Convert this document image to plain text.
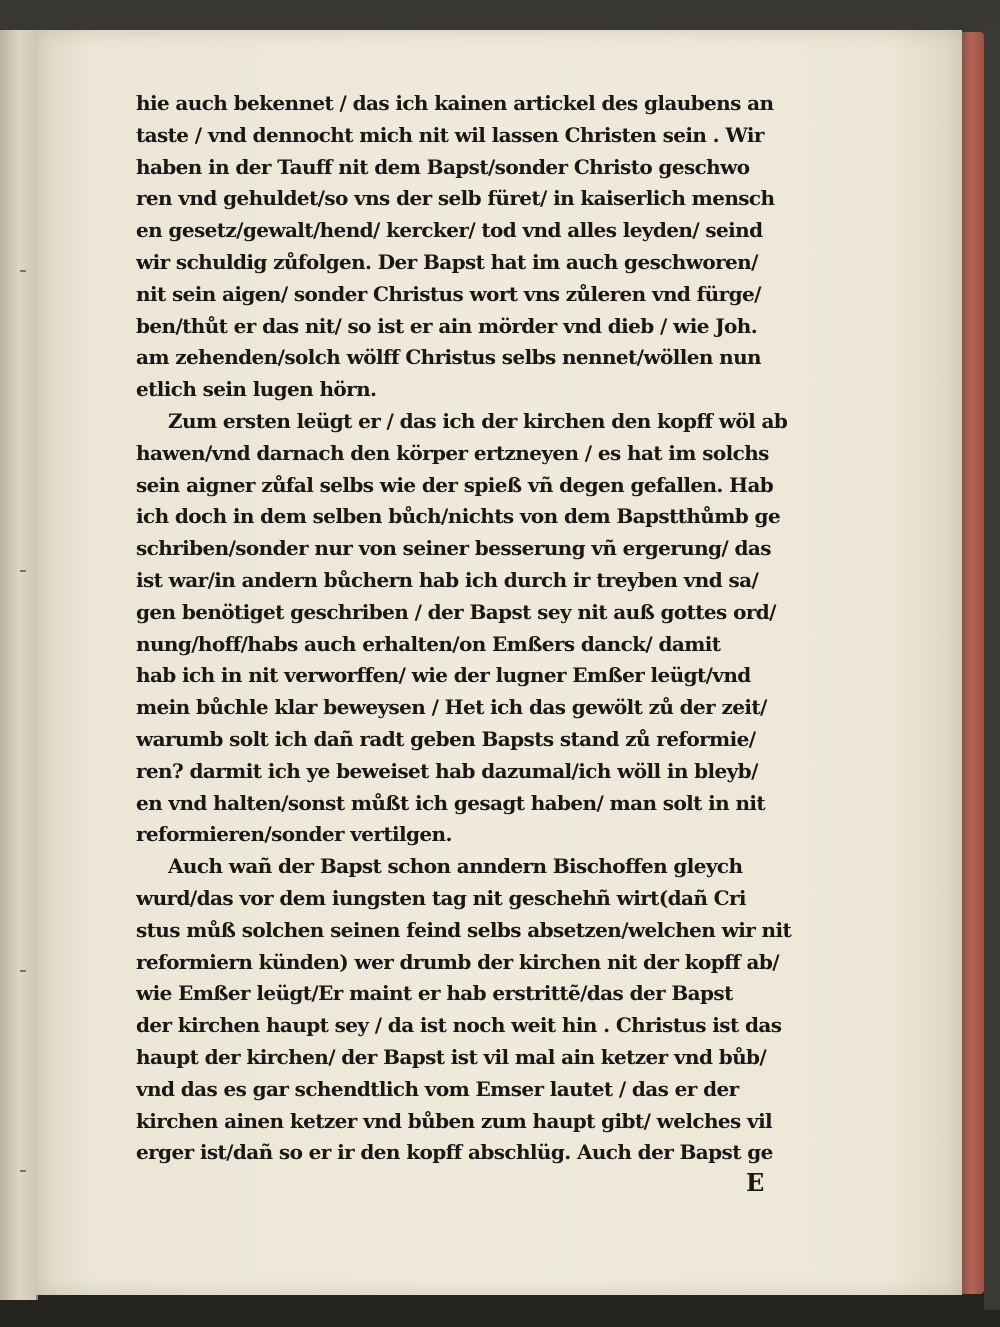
hie auch bekennet / das ich kainen artickel des glaubens an
taste / vnd dennocht mich nit wil lassen Christen sein . Wir
haben in der Tauff nit dem Bapst/sonder Christo geschwo
ren vnd gehuldet/so vns der selb füret/ in kaiserlich mensch
en gesetz/gewalt/hend/ kercker/ tod vnd alles leyden/ seind
wir schuldig zůfolgen. Der Bapst hat im auch geschworen/
nit sein aigen/ sonder Christus wort vns zůleren vnd fürge/
ben/thůt er das nit/ so ist er ain mörder vnd dieb / wie Joh.
am zehenden/solch wölff Christus selbs nennet/wöllen nun
etlich sein lugen hörn.
Zum ersten leügt er / das ich der kirchen den kopff wöl ab
hawen/vnd darnach den körper ertzneyen / es hat im solchs
sein aigner zůfal selbs wie der spieß vñ degen gefallen. Hab
ich doch in dem selben bůch/nichts von dem Bapstthůmb ge
schriben/sonder nur von seiner besserung vñ ergerung/ das
ist war/in andern bůchern hab ich durch ir treyben vnd sa/
gen benötiget geschriben / der Bapst sey nit auß gottes ord/
nung/hoff/habs auch erhalten/on Emßers danck/ damit
hab ich in nit verworffen/ wie der lugner Emßer leügt/vnd
mein bůchle klar beweysen / Het ich das gewölt zů der zeit/
warumb solt ich dañ radt geben Bapsts stand zů reformie/
ren? darmit ich ye beweiset hab dazumal/ich wöll in bleyb/
en vnd halten/sonst můßt ich gesagt haben/ man solt in nit
reformieren/sonder vertilgen.
Auch wañ der Bapst schon anndern Bischoffen gleych
wurd/das vor dem iungsten tag nit geschehñ wirt(dañ Cri
stus můß solchen seinen feind selbs absetzen/welchen wir nit
reformiern künden) wer drumb der kirchen nit der kopff ab/
wie Emßer leügt/Er maint er hab erstrittẽ/das der Bapst
der kirchen haupt sey / da ist noch weit hin . Christus ist das
haupt der kirchen/ der Bapst ist vil mal ain ketzer vnd bůb/
vnd das es gar schendtlich vom Emser lautet / das er der
kirchen ainen ketzer vnd bůben zum haupt gibt/ welches vil
erger ist/dañ so er ir den kopff abschlüg. Auch der Bapst ge
E
